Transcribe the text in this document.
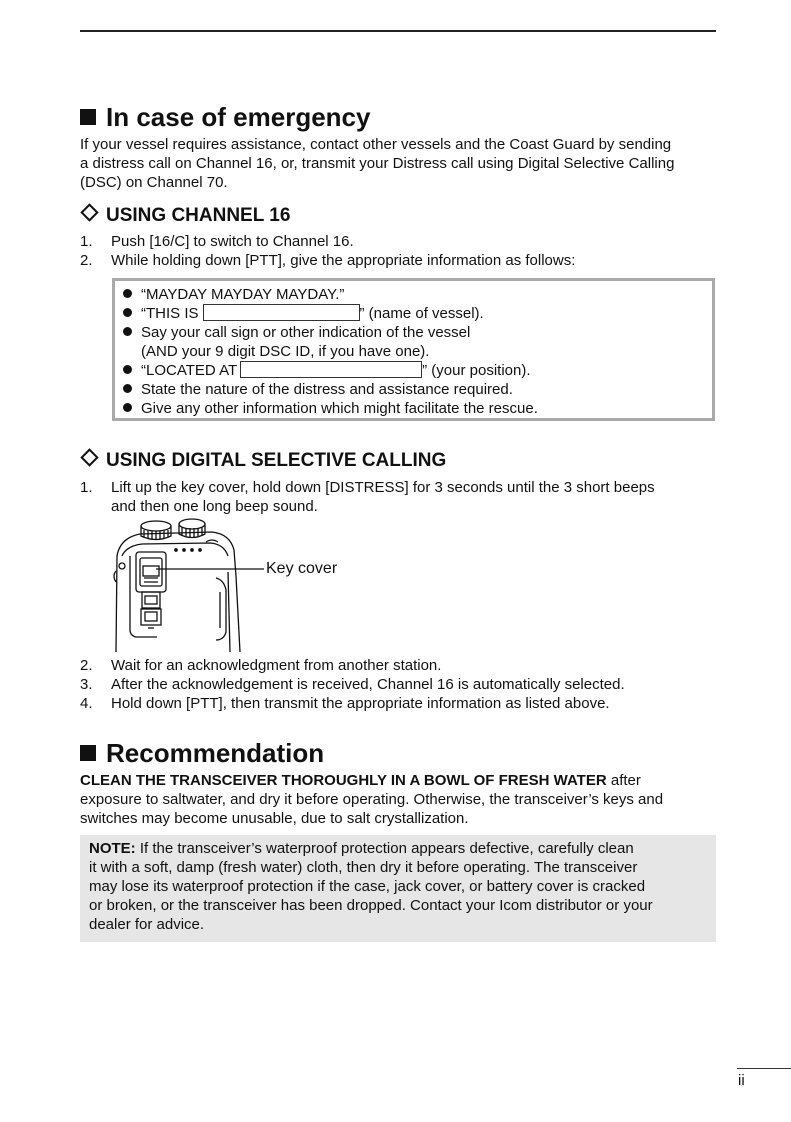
In case of emergency
If your vessel requires assistance, contact other vessels and the Coast Guard by sending
a distress call on Channel 16, or, transmit your Distress call using Digital Selective Calling
(DSC) on Channel 70.
USING CHANNEL 16
1. Push [16/C] to switch to Channel 16.
2. While holding down [PTT], give the appropriate information as follows:
“MAYDAY MAYDAY MAYDAY.”
“THIS IS	” (name of vessel).
Say your call sign or other indication of the vessel
(AND your 9 digit DSC ID, if you have one).
“LOCATED AT	” (your position).
State the nature of the distress and assistance required.
Give any other information which might facilitate the rescue.
USING DIGITAL SELECTIVE CALLING
1. Lift up the key cover, hold down [DISTRESS] for 3 seconds until the 3 short beeps
and then one long beep sound.
Key cover
2. Wait for an acknowledgment from another station.
3. After the acknowledgement is received, Channel 16 is automatically selected.
4. Hold down [PTT], then transmit the appropriate information as listed above.
Recommendation
CLEAN THE TRANSCEIVER THOROUGHLY IN A BOWL OF FRESH WATER after
exposure to saltwater, and dry it before operating. Otherwise, the transceiver’s keys and
switches may become unusable, due to salt crystallization.
NOTE: If the transceiver’s waterproof protection appears defective, carefully clean
it with a soft, damp (fresh water) cloth, then dry it before operating. The transceiver
may lose its waterproof protection if the case, jack cover, or battery cover is cracked
or broken, or the transceiver has been dropped. Contact your Icom distributor or your
dealer for advice.
ii
